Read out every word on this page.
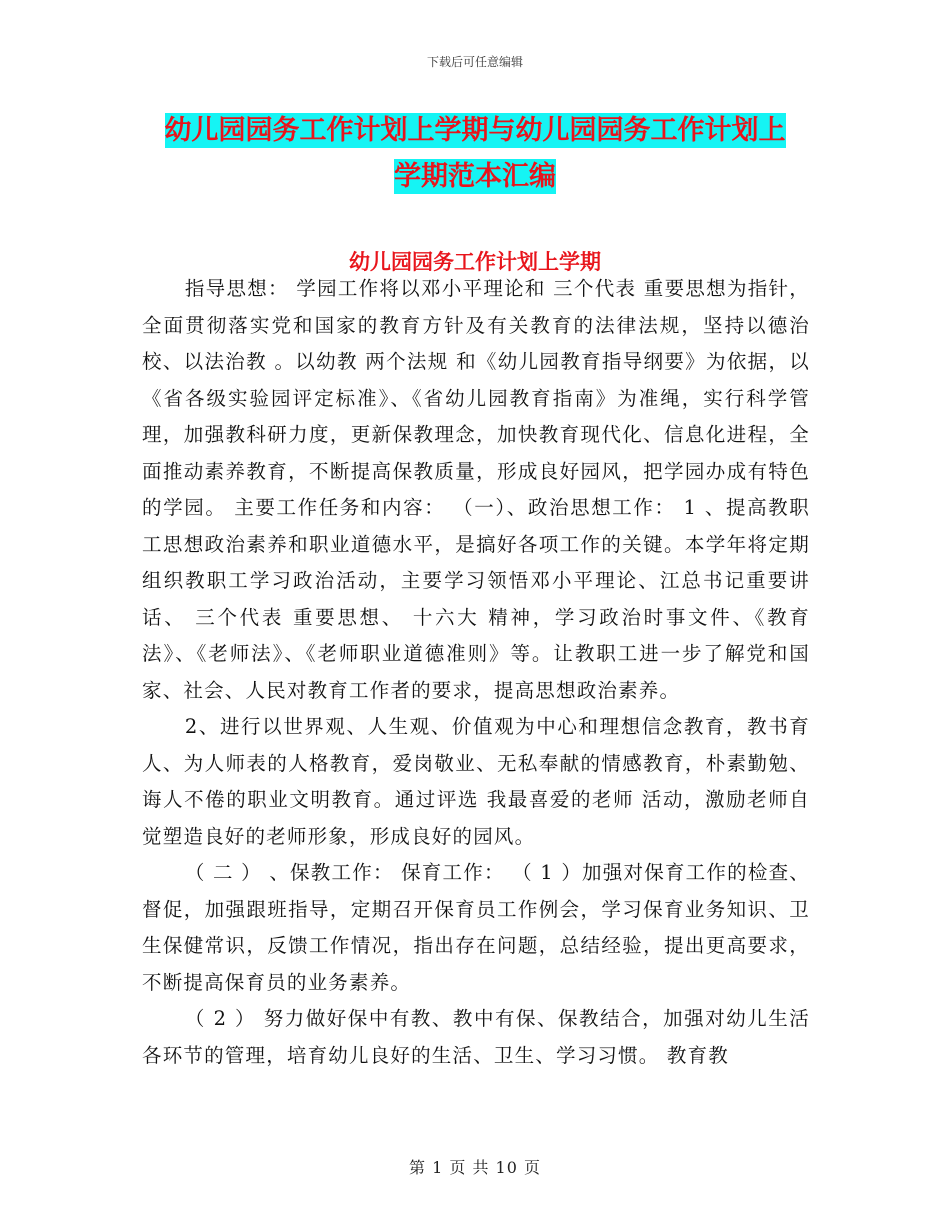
下载后可任意编辑
幼儿园园务工作计划上学期与幼儿园园务工作计划上
学期范本汇编
幼儿园园务工作计划上学期

指导思想： 学园工作将以邓小平理论和 三个代表 重要思想为指针，全面贯彻落实党和国家的教育方针及有关教育的法律法规，坚持以德治校、以法治教 。以幼教 两个法规 和《幼儿园教育指导纲要》为依据，以《省各级实验园评定标准》、《省幼儿园教育指南》为准绳，实行科学管理，加强教科研力度，更新保教理念，加快教育现代化、信息化进程，全面推动素养教育，不断提高保教质量，形成良好园风，把学园办成有特色的学园。 主要工作任务和内容： （一）、政治思想工作： 1 、提高教职工思想政治素养和职业道德水平，是搞好各项工作的关键。本学年将定期组织教职工学习政治活动，主要学习领悟邓小平理论、江总书记重要讲话、 三个代表 重要思想、 十六大 精神，学习政治时事文件、《教育法》、《老师法》、《老师职业道德准则》等。让教职工进一步了解党和国家、社会、人民对教育工作者的要求，提高思想政治素养。

2、进行以世界观、人生观、价值观为中心和理想信念教育，教书育人、为人师表的人格教育，爱岗敬业、无私奉献的情感教育，朴素勤勉、诲人不倦的职业文明教育。通过评选 我最喜爱的老师 活动，激励老师自觉塑造良好的老师形象，形成良好的园风。

（ 二 ） 、保教工作： 保育工作： （ 1 ）加强对保育工作的检查、督促，加强跟班指导，定期召开保育员工作例会，学习保育业务知识、卫生保健常识，反馈工作情况，指出存在问题，总结经验，提出更高要求，不断提高保育员的业务素养。

（ 2 ） 努力做好保中有教、教中有保、保教结合，加强对幼儿生活各环节的管理，培育幼儿良好的生活、卫生、学习习惯。 教育教

第 1 页 共 10 页
